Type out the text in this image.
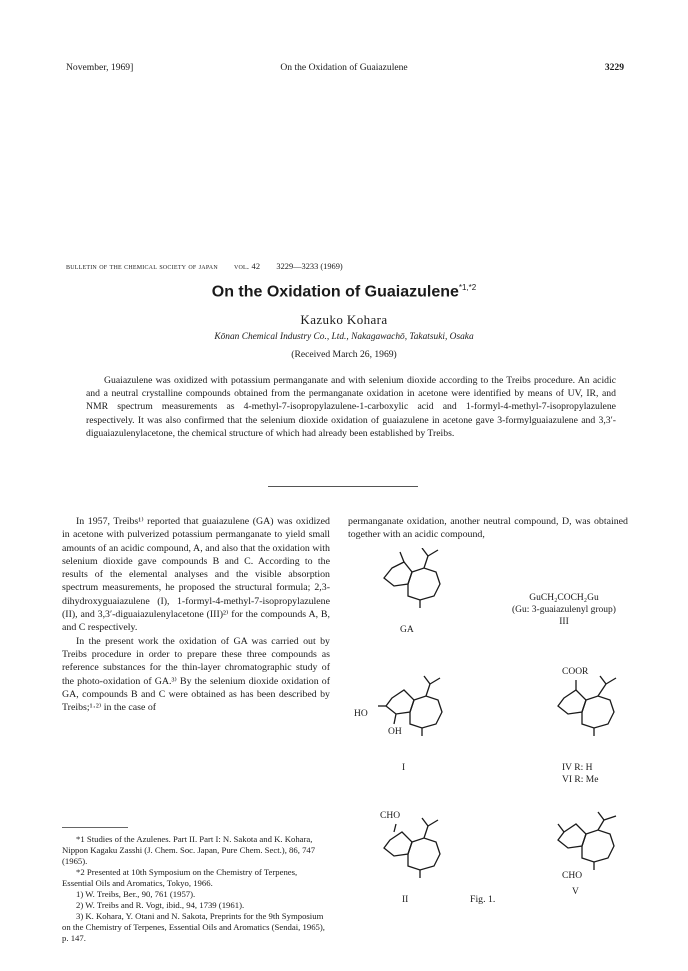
November, 1969]	On the Oxidation of Guaiazulene	3229
bulletin of the chemical society of japan vol. 42 3229—3233 (1969)
On the Oxidation of Guaiazulene$^{*1,*2}$
Kazuko Kohara
Kōnan Chemical Industry Co., Ltd., Nakagawachō, Takatsuki, Osaka
(Received March 26, 1969)

Guaiazulene was oxidized with potassium permanganate and with selenium dioxide according to the Treibs procedure. An acidic and a neutral crystalline compounds obtained from the permanganate oxidation in acetone were identified by means of UV, IR, and NMR spectrum measurements as 4-methyl-7-isopropylazulene-1-carboxylic acid and 1-formyl-4-methyl-7-isopropylazulene respectively. It was also confirmed that the selenium dioxide oxidation of guaiazulene in acetone gave 3-formylguaiazulene and 3,3′-diguaiazulenylacetone, the chemical structure of which had already been established by Treibs.

In 1957, Treibs¹⁾ reported that guaiazulene (GA) was oxidized in acetone with pulverized potassium permanganate to yield small amounts of an acidic compound, A, and also that the oxidation with selenium dioxide gave compounds B and C. According to the results of the elemental analyses and the visible absorption spectrum measurements, he proposed the structural formula; 2,3-dihydroxyguaiazulene (I), 1-formyl-4-methyl-7-isopropylazulene (II), and 3,3′-diguaiazulenylacetone (III)²⁾ for the compounds A, B, and C respectively.

In the present work the oxidation of GA was carried out by Treibs procedure in order to prepare these three compounds as reference substances for the thin-layer chromatographic study of the photo-oxidation of GA.³⁾ By the selenium dioxide oxidation of GA, compounds B and C were obtained as has been described by Treibs;¹·²⁾ in the case of

permanganate oxidation, another neutral compound, D, was obtained together with an acidic compound,

*1 Studies of the Azulenes. Part II. Part I: N. Sakota and K. Kohara, Nippon Kagaku Zasshi (J. Chem. Soc. Japan, Pure Chem. Sect.), 86, 747 (1965).
*2 Presented at 10th Symposium on the Chemistry of Terpenes, Essential Oils and Aromatics, Tokyo, 1966.
1) W. Treibs, Ber., 90, 761 (1957).
2) W. Treibs and R. Vogt, ibid., 94, 1739 (1961).
3) K. Kohara, Y. Otani and N. Sakota, Preprints for the 9th Symposium on the Chemistry of Terpenes, Essential Oils and Aromatics (Sendai, 1965), p. 147.
HO
OH
CHO
COOR
CHO
GA
I
II
IV R: H
VI R: Me
V
GuCH₂COCH₂Gu
(Gu: 3-guaiazulenyl group)
III
Fig. 1.
